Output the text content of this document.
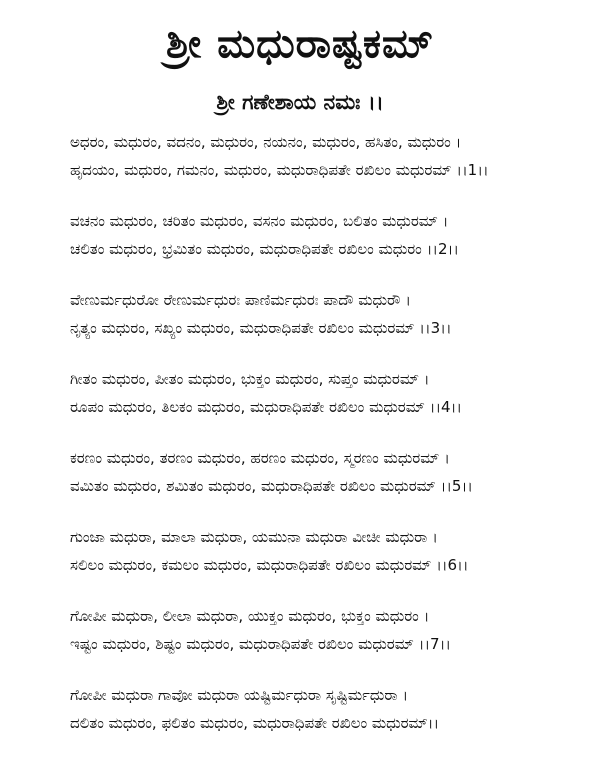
ಶ್ರೀ ಮಧುರಾಷ್ಟಕಮ್
ಶ್ರೀ ಗಣೇಶಾಯ ನಮಃ ।।
ಅಧರಂ, ಮಧುರಂ, ವದನಂ, ಮಧುರಂ, ನಯನಂ, ಮಧುರಂ, ಹಸಿತಂ, ಮಧುರಂ ।
ಹೃದಯಂ, ಮಧುರಂ, ಗಮನಂ, ಮಧುರಂ, ಮಧುರಾಧಿಪತೇ ರಖಿಲಂ ಮಧುರಮ್ ।।1।।
ವಚನಂ ಮಧುರಂ, ಚರಿತಂ ಮಧುರಂ, ವಸನಂ ಮಧುರಂ, ಬಲಿತಂ ಮಧುರಮ್ ।
ಚಲಿತಂ ಮಧುರಂ, ಭ್ರಮಿತಂ ಮಧುರಂ, ಮಧುರಾಧಿಪತೇ ರಖಿಲಂ ಮಧುರಂ ।।2।।
ವೇಣುರ್ಮಧುರೋ ರೇಣುರ್ಮಧುರಃ ಪಾಣಿರ್ಮಧುರಃ ಪಾದೌ ಮಧುರೌ ।
ನೃತ್ಯಂ ಮಧುರಂ, ಸಖ್ಯಂ ಮಧುರಂ, ಮಧುರಾಧಿಪತೇ ರಖಿಲಂ ಮಧುರಮ್ ।।3।।
ಗೀತಂ ಮಧುರಂ, ಪೀತಂ ಮಧುರಂ, ಭುಕ್ತಂ ಮಧುರಂ, ಸುಪ್ತಂ ಮಧುರಮ್ ।
ರೂಪಂ ಮಧುರಂ, ತಿಲಕಂ ಮಧುರಂ, ಮಧುರಾಧಿಪತೇ ರಖಿಲಂ ಮಧುರಮ್ ।।4।।
ಕರಣಂ ಮಧುರಂ, ತರಣಂ ಮಧುರಂ, ಹರಣಂ ಮಧುರಂ, ಸ್ಮರಣಂ ಮಧುರಮ್ ।
ವಮಿತಂ ಮಧುರಂ, ಶಮಿತಂ ಮಧುರಂ, ಮಧುರಾಧಿಪತೇ ರಖಿಲಂ ಮಧುರಮ್ ।।5।।
ಗುಂಜಾ ಮಧುರಾ, ಮಾಲಾ ಮಧುರಾ, ಯಮುನಾ ಮಧುರಾ ವೀಚೀ ಮಧುರಾ ।
ಸಲಿಲಂ ಮಧುರಂ, ಕಮಲಂ ಮಧುರಂ, ಮಧುರಾಧಿಪತೇ ರಖಿಲಂ ಮಧುರಮ್ ।।6।।
ಗೋಪೀ ಮಧುರಾ, ಲೀಲಾ ಮಧುರಾ, ಯುಕ್ತಂ ಮಧುರಂ, ಭುಕ್ತಂ ಮಧುರಂ ।
ಇಷ್ಟಂ ಮಧುರಂ, ಶಿಷ್ಟಂ ಮಧುರಂ, ಮಧುರಾಧಿಪತೇ ರಖಿಲಂ ಮಧುರಮ್ ।।7।।
ಗೋಪೀ ಮಧುರಾ ಗಾವೋ ಮಧುರಾ ಯಷ್ಟಿರ್ಮಧುರಾ ಸೃಷ್ಟಿರ್ಮಧುರಾ ।
ದಲಿತಂ ಮಧುರಂ, ಫಲಿತಂ ಮಧುರಂ, ಮಧುರಾಧಿಪತೇ ರಖಿಲಂ ಮಧುರಮ್।।
